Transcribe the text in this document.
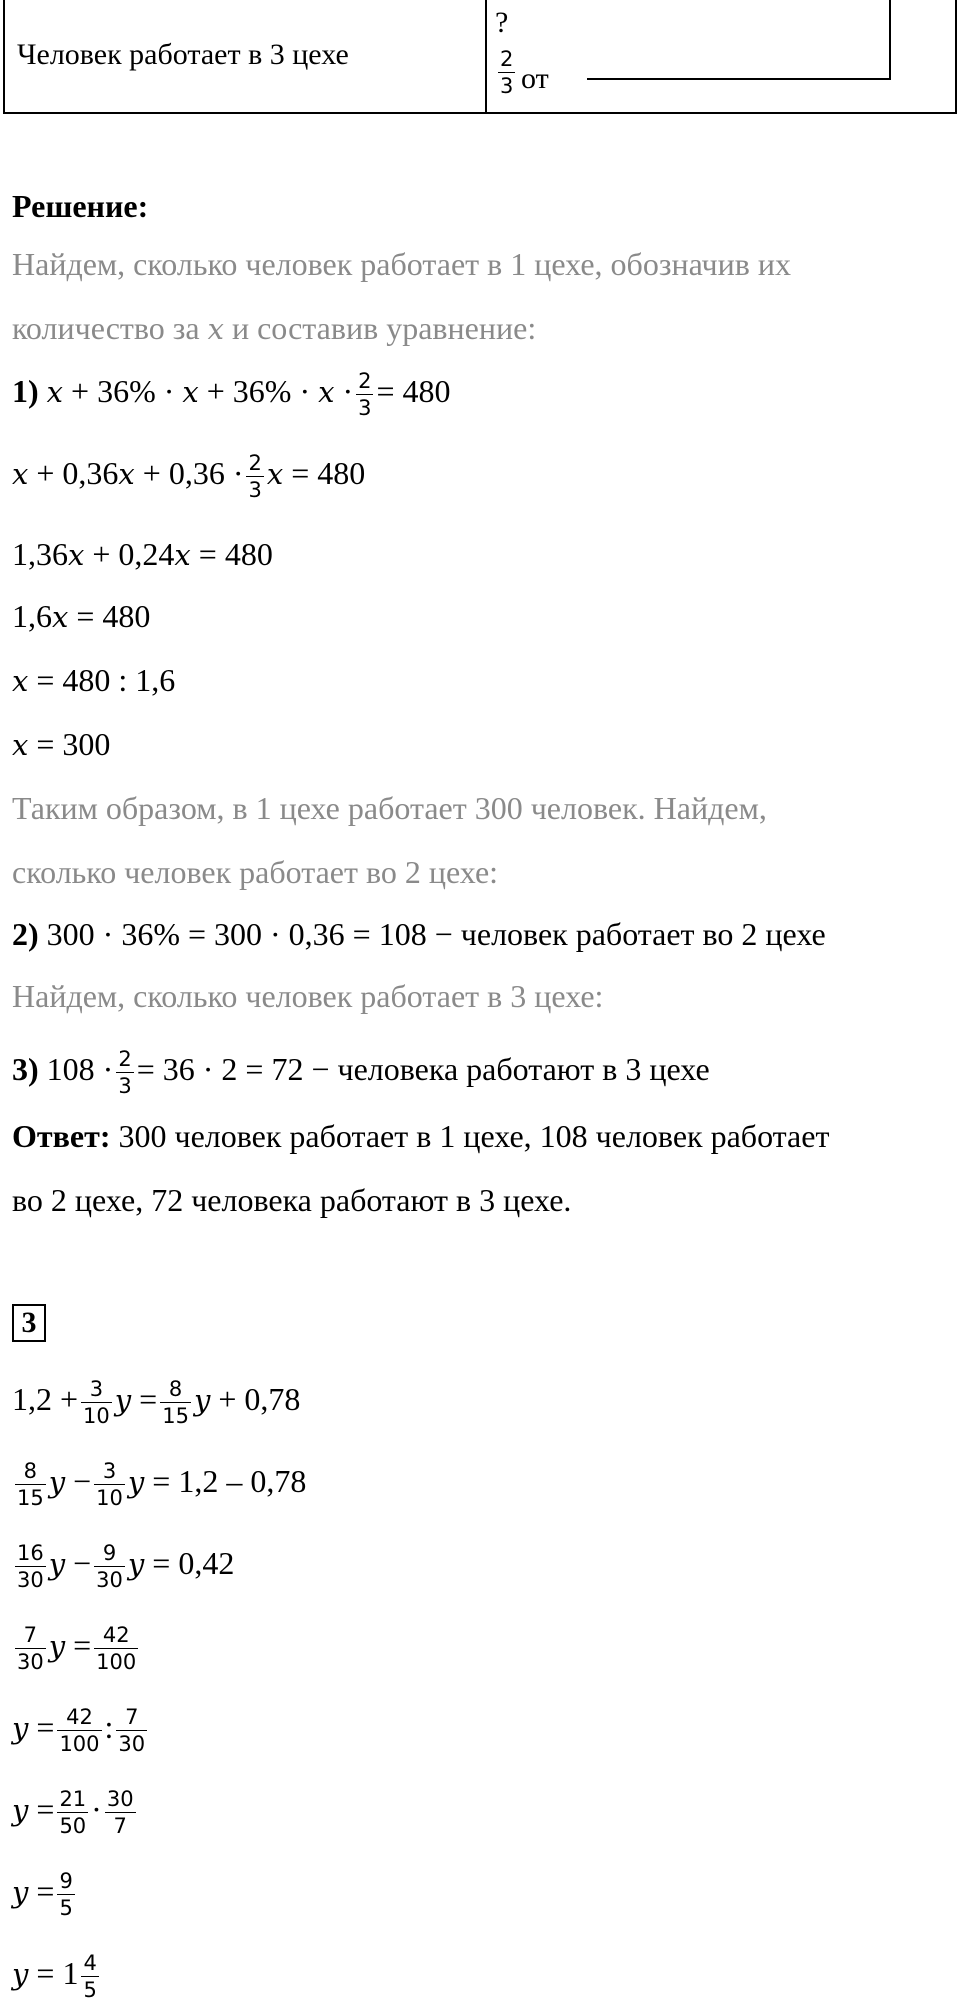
Человек работает в 3 цехе
?
$\frac{2}{3}$ от
Решение:
Найдем, сколько человек работает в 1 цехе, обозначив их
количество за x и составив уравнение:
1) $x + 36\% \cdot x + 36\% \cdot x \cdot \frac{2}{3} = 480$
$x + 0,36x + 0,36 \cdot \frac{2}{3}$ x = 480
1,36x + 0,24x = 480
1,6x = 480
x = 480 : 1,6
x = 300
Таким образом, в 1 цехе работает 300 человек. Найдем,
сколько человек работает во 2 цехе:
2) 300 · 36% = 300 · 0,36 = 108 − человек работает во 2 цехе
Найдем, сколько человек работает в 3 цехе:
3) $108 \cdot \frac{2}{3} = 36 \cdot 2 = 72$ − человека работают в 3 цехе
Ответ: 300 человек работает в 1 цехе, 108 человек работает
во 2 цехе, 72 человека работают в 3 цехе.
3
$1,2 + \frac{3}{10}$ $y = \frac{8}{15}$ y + 0,78
$\frac{8}{15}$ $y - \frac{3}{10}$ y = 1,2 – 0,78
$\frac{16}{30}$ $y - \frac{9}{30}$ y = 0,42
$\frac{7}{30}$ $y = \frac{42}{100}$
$y = \frac{42}{100}$ : $\frac{7}{30}$
$y = \frac{21}{50} \cdot \frac{30}{7}$
$y = \frac{9}{5}$
$y = 1 \frac{4}{5}$
